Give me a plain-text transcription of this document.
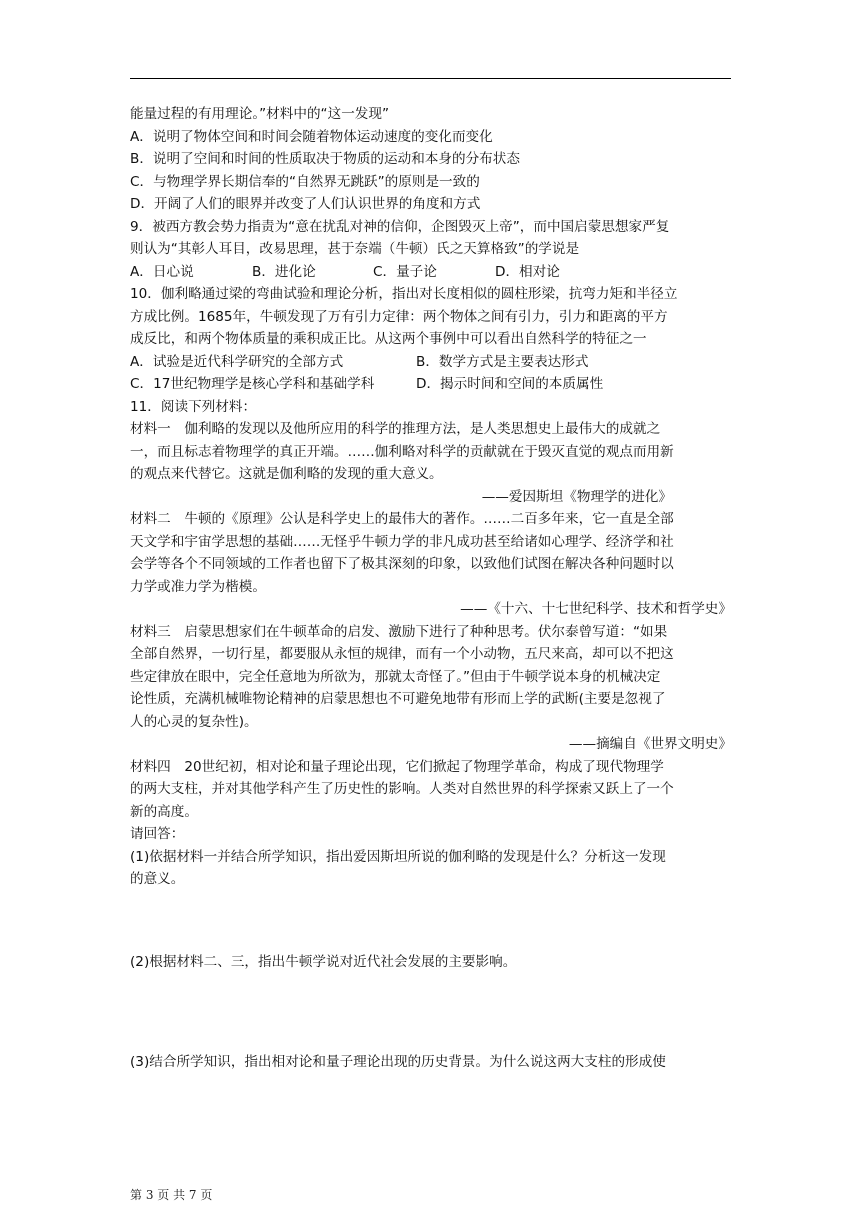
能量过程的有用理论。”材料中的“这一发现”
A．说明了物体空间和时间会随着物体运动速度的变化而变化
B．说明了空间和时间的性质取决于物质的运动和本身的分布状态
C．与物理学界长期信奉的“自然界无跳跃”的原则是一致的
D．开阔了人们的眼界并改变了人们认识世界的角度和方式
9．被西方教会势力指责为“意在扰乱对神的信仰，企图毁灭上帝”，而中国启蒙思想家严复
则认为“其彰人耳目，改易思理，甚于奈端（牛顿）氏之天算格致”的学说是
A．日心说	B．进化论	C．量子论	D．相对论
10．伽利略通过梁的弯曲试验和理论分析，指出对长度相似的圆柱形梁，抗弯力矩和半径立
方成比例。1685年，牛顿发现了万有引力定律：两个物体之间有引力，引力和距离的平方
成反比，和两个物体质量的乘积成正比。从这两个事例中可以看出自然科学的特征之一
A．试验是近代科学研究的全部方式	B．数学方式是主要表达形式
C．17世纪物理学是核心学科和基础学科	D．揭示时间和空间的本质属性
11．阅读下列材料：
材料一　伽利略的发现以及他所应用的科学的推理方法，是人类思想史上最伟大的成就之
一，而且标志着物理学的真正开端。……伽利略对科学的贡献就在于毁灭直觉的观点而用新
的观点来代替它。这就是伽利略的发现的重大意义。
——爱因斯坦《物理学的进化》
材料二　牛顿的《原理》公认是科学史上的最伟大的著作。……二百多年来，它一直是全部
天文学和宇宙学思想的基础……无怪乎牛顿力学的非凡成功甚至给诸如心理学、经济学和社
会学等各个不同领域的工作者也留下了极其深刻的印象，以致他们试图在解决各种问题时以
力学或准力学为楷模。
——《十六、十七世纪科学、技术和哲学史》
材料三　启蒙思想家们在牛顿革命的启发、激励下进行了种种思考。伏尔泰曾写道：“如果
全部自然界，一切行星，都要服从永恒的规律，而有一个小动物，五尺来高，却可以不把这
些定律放在眼中，完全任意地为所欲为，那就太奇怪了。”但由于牛顿学说本身的机械决定
论性质，充满机械唯物论精神的启蒙思想也不可避免地带有形而上学的武断(主要是忽视了
人的心灵的复杂性)。
——摘编自《世界文明史》
材料四　20世纪初，相对论和量子理论出现，它们掀起了物理学革命，构成了现代物理学
的两大支柱，并对其他学科产生了历史性的影响。人类对自然世界的科学探索又跃上了一个
新的高度。
请回答：
(1)依据材料一并结合所学知识，指出爱因斯坦所说的伽利略的发现是什么？分析这一发现
的意义。
(2)根据材料二、三，指出牛顿学说对近代社会发展的主要影响。
(3)结合所学知识，指出相对论和量子理论出现的历史背景。为什么说这两大支柱的形成使
第 3 页 共 7 页
